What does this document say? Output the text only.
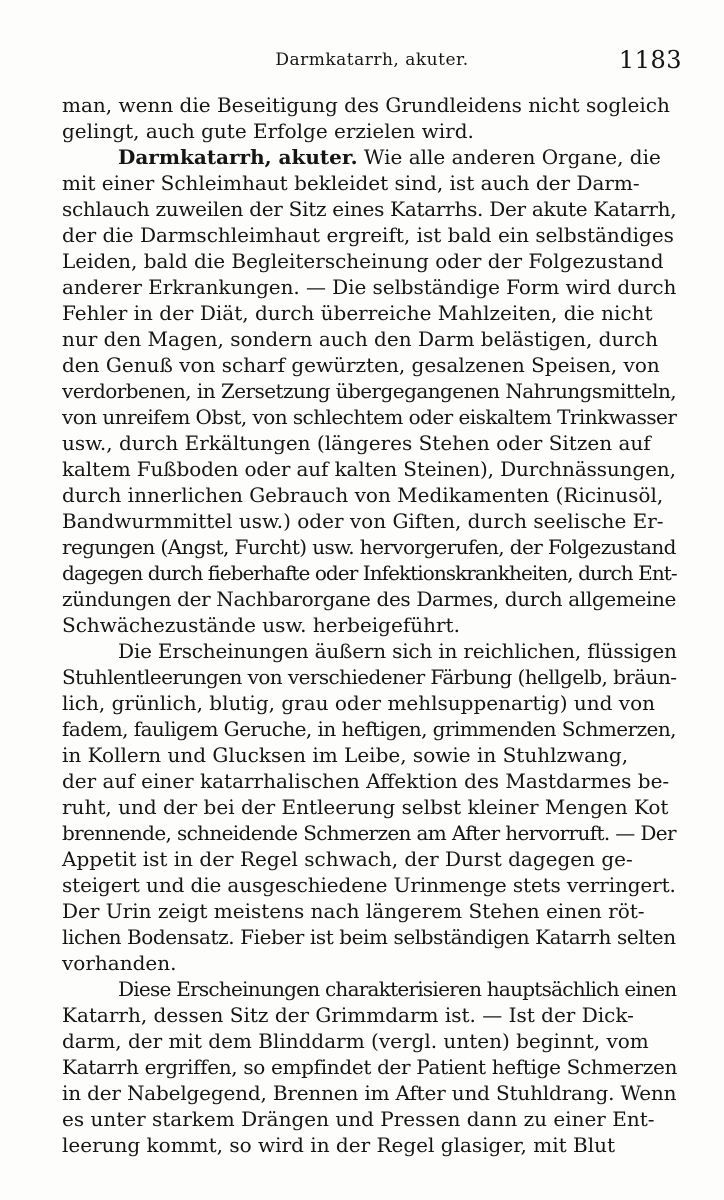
Darmkatarrh, akuter.	1183
man, wenn die Beseitigung des Grundleidens nicht sogleich
gelingt, auch gute Erfolge erzielen wird.
Darmkatarrh, akuter. Wie alle anderen Organe, die
mit einer Schleimhaut bekleidet sind, ist auch der Darm-
schlauch zuweilen der Sitz eines Katarrhs. Der akute Katarrh,
der die Darmschleimhaut ergreift, ist bald ein selbständiges
Leiden, bald die Begleiterscheinung oder der Folgezustand
anderer Erkrankungen. — Die selbständige Form wird durch
Fehler in der Diät, durch überreiche Mahlzeiten, die nicht
nur den Magen, sondern auch den Darm belästigen, durch
den Genuß von scharf gewürzten, gesalzenen Speisen, von
verdorbenen, in Zersetzung übergegangenen Nahrungsmitteln,
von unreifem Obst, von schlechtem oder eiskaltem Trinkwasser
usw., durch Erkältungen (längeres Stehen oder Sitzen auf
kaltem Fußboden oder auf kalten Steinen), Durchnässungen,
durch innerlichen Gebrauch von Medikamenten (Ricinusöl,
Bandwurmmittel usw.) oder von Giften, durch seelische Er-
regungen (Angst, Furcht) usw. hervorgerufen, der Folgezustand
dagegen durch fieberhafte oder Infektionskrankheiten, durch Ent-
zündungen der Nachbarorgane des Darmes, durch allgemeine
Schwächezustände usw. herbeigeführt.
Die Erscheinungen äußern sich in reichlichen, flüssigen
Stuhlentleerungen von verschiedener Färbung (hellgelb, bräun-
lich, grünlich, blutig, grau oder mehlsuppenartig) und von
fadem, fauligem Geruche, in heftigen, grimmenden Schmerzen,
in Kollern und Glucksen im Leibe, sowie in Stuhlzwang,
der auf einer katarrhalischen Affektion des Mastdarmes be-
ruht, und der bei der Entleerung selbst kleiner Mengen Kot
brennende, schneidende Schmerzen am After hervorruft. — Der
Appetit ist in der Regel schwach, der Durst dagegen ge-
steigert und die ausgeschiedene Urinmenge stets verringert.
Der Urin zeigt meistens nach längerem Stehen einen röt-
lichen Bodensatz. Fieber ist beim selbständigen Katarrh selten
vorhanden.
Diese Erscheinungen charakterisieren hauptsächlich einen
Katarrh, dessen Sitz der Grimmdarm ist. — Ist der Dick-
darm, der mit dem Blinddarm (vergl. unten) beginnt, vom
Katarrh ergriffen, so empfindet der Patient heftige Schmerzen
in der Nabelgegend, Brennen im After und Stuhldrang. Wenn
es unter starkem Drängen und Pressen dann zu einer Ent-
leerung kommt, so wird in der Regel glasiger, mit Blut
